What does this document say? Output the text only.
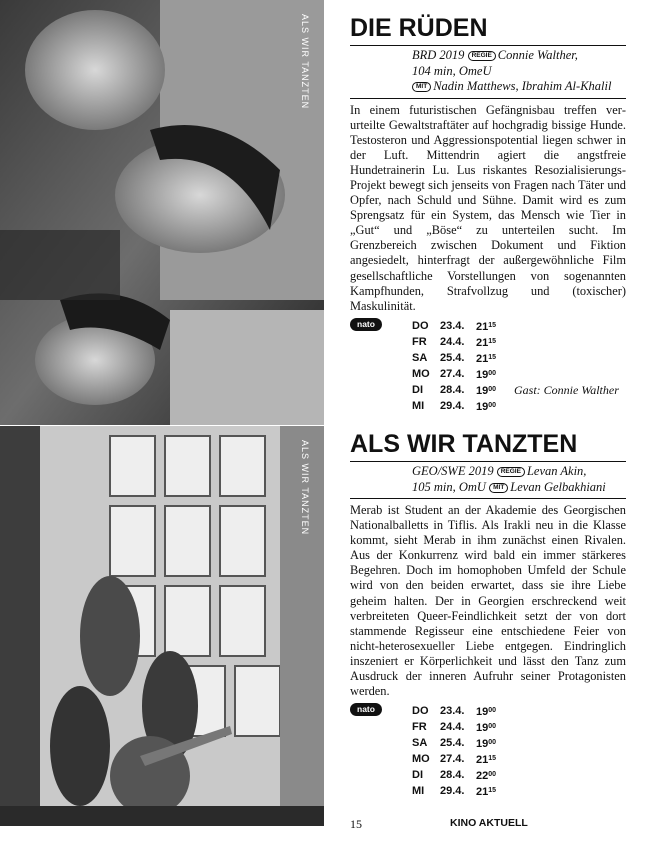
ALS WIR TANZTEN
ALS WIR TANZTEN
DIE RÜDEN
BRD 2019 REGIE Connie Walther,
104 min, OmeU
MIT Nadin Matthews, Ibrahim Al-Khalil

In einem futuristischen Gefängnisbau treffen verurteilte Gewaltstraftäter auf hochgradig bissige Hunde. Testosteron und Aggressionspotential liegen schwer in der Luft. Mittendrin agiert die angstfreie Hundetrainerin Lu. Lus riskantes Resozialisierungs-Projekt bewegt sich jenseits von Fragen nach Täter und Opfer, nach Schuld und Sühne. Damit wird es zum Sprengsatz für ein System, das Mensch wie Tier in „Gut“ und „Böse“ zu unterteilen sucht. Im Grenzbereich zwischen Dokument und Fiktion angesiedelt, hinterfragt der außergewöhnliche Film gesellschaftliche Vorstellungen von sogenannten Kampfhunden, Strafvollzug und (toxischer) Maskulinität.

nato	DO 23.4. $21^{15}$
FR 24.4. $21^{15}$
SA 25.4. $21^{15}$
MO 27.4. $19^{00}$
DI 28.4. $19^{00}$ Gast: Connie Walther
MI 29.4. $19^{00}$
ALS WIR TANZTEN
GEO/SWE 2019 REGIE Levan Akin,
105 min, OmU MIT Levan Gelbakhiani

Merab ist Student an der Akademie des Georgischen Nationalballetts in Tiflis. Als Irakli neu in die Klasse kommt, sieht Merab in ihm zunächst einen Rivalen. Aus der Konkurrenz wird bald ein immer stärkeres Begehren. Doch im homophoben Umfeld der Schule wird von den beiden erwartet, dass sie ihre Liebe geheim halten. Der in Georgien erschreckend weit verbreiteten Queer-Feindlichkeit setzt der von dort stammende Regisseur eine entschiedene Feier von nicht-heterosexueller Liebe entgegen. Eindringlich inszeniert er Körperlichkeit und lässt den Tanz zum Ausdruck der inneren Aufruhr seiner Protagonisten werden.

nato	DO 23.4. $19^{00}$
FR 24.4. $19^{00}$
SA 25.4. $19^{00}$
MO 27.4. $21^{15}$
DI 28.4. $22^{00}$
MI 29.4. $21^{15}$
15	KINO AKTUELL
